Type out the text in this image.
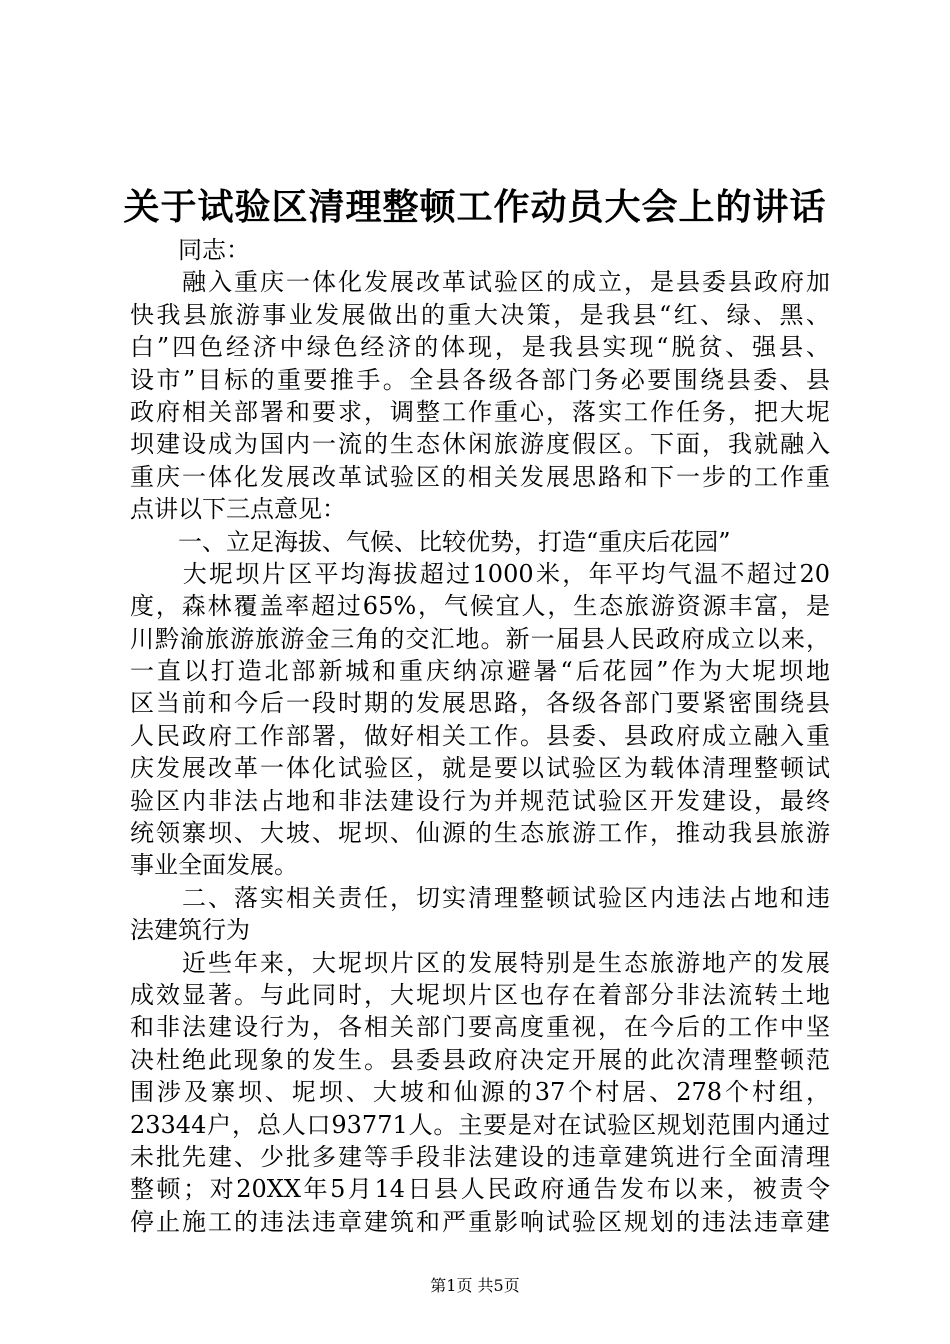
关于试验区清理整顿工作动员大会上的讲话
　　同志：
　　融入重庆一体化发展改革试验区的成立，是县委县政府加
快我县旅游事业发展做出的重大决策，是我县“红、绿、黑、
白”四色经济中绿色经济的体现，是我县实现“脱贫、强县、
设市”目标的重要推手。全县各级各部门务必要围绕县委、县
政府相关部署和要求，调整工作重心，落实工作任务，把大坭
坝建设成为国内一流的生态休闲旅游度假区。下面，我就融入
重庆一体化发展改革试验区的相关发展思路和下一步的工作重
点讲以下三点意见：
　　一、立足海拔、气候、比较优势，打造“重庆后花园”
　　大坭坝片区平均海拔超过1000米，年平均气温不超过20
度，森林覆盖率超过65%，气候宜人，生态旅游资源丰富，是
川黔渝旅游旅游金三角的交汇地。新一届县人民政府成立以来，
一直以打造北部新城和重庆纳凉避暑“后花园”作为大坭坝地
区当前和今后一段时期的发展思路，各级各部门要紧密围绕县
人民政府工作部署，做好相关工作。县委、县政府成立融入重
庆发展改革一体化试验区，就是要以试验区为载体清理整顿试
验区内非法占地和非法建设行为并规范试验区开发建设，最终
统领寨坝、大坡、坭坝、仙源的生态旅游工作，推动我县旅游
事业全面发展。
　　二、落实相关责任，切实清理整顿试验区内违法占地和违
法建筑行为
　　近些年来，大坭坝片区的发展特别是生态旅游地产的发展
成效显著。与此同时，大坭坝片区也存在着部分非法流转土地
和非法建设行为，各相关部门要高度重视，在今后的工作中坚
决杜绝此现象的发生。县委县政府决定开展的此次清理整顿范
围涉及寨坝、坭坝、大坡和仙源的37个村居、278个村组，
23344户，总人口93771人。主要是对在试验区规划范围内通过
未批先建、少批多建等手段非法建设的违章建筑进行全面清理
整顿；对20XX年5月14日县人民政府通告发布以来，被责令
停止施工的违法违章建筑和严重影响试验区规划的违法违章建
第1页 共5页
